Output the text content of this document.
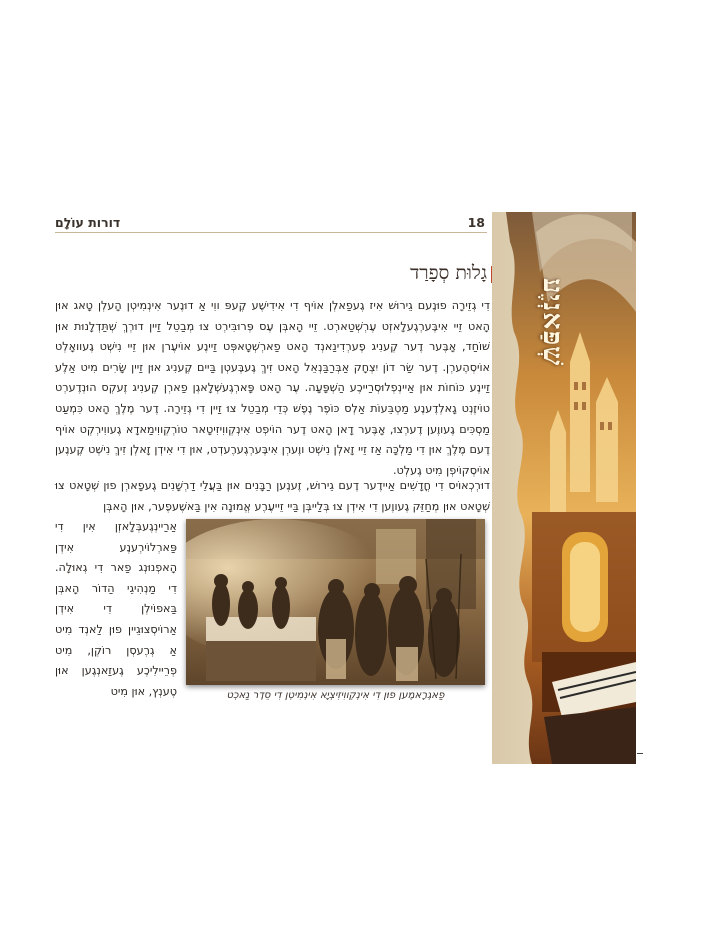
דורות עוֹלָם	18
גָלוּת סְפָרַד
דִי גְזֵירָה פוּנֶעם גֵירוּשׁ אִיז גֶעפַאלְן אוֹיף דִי אִידִישֶׁע קֶעפּ ווִי אַ דוּנֶער אִינְמִיטְן הָעלְן טָאג אוּן הָאט זֵיי אִיבֶּערְגֶעלָאזְט עֶרְשְׁטַארְט. זֵיי הָאבְּן עֶס פְּרוּבִּירְט צוּ מְבַטֵל זַיין דוּרְךְ שְׁתַּדְלָנוּת אוּן שׁוֹחַד, אָבֶּער דֶער קֶענִיג פֶערְדִינַאנְד הָאט פַארְשְׁטָאפְּט זַיינֶע אוֹיעֶרן אוּן זֵיי נִישְׁט גֶעוואָלְט אוֹיסְהֶערְן. דֶער שַׂר דוֹן יִצְחָק אַבְּרַבַּנְאֵל הָאט זִיךְ גֶעבֶּעטְן בַּיים קֶענִיג אוּן זַיין שָׂרִים מִיט אַלֶע זַיינֶע כּוֹחוֹת אוּן אַיינְפְלוּסְרַייכֶע הַשְׁפָּעָה. עֶר הָאט פָּארְגֶעשְׁלָאגְן פַארְן קֶענִיג זֶעקְס הוּנְדֶערְט טוֹיזֶנְט גָאלְדֶענֶע מַטְבֵּעוֹת אַלְס כּוֹפֶר נֶפֶשׁ כְּדֵי מְבַטֵל צוּ זַיין דִי גְזֵירָה. דֶער מֶלֶךְ הָאט כִּמְעַט מַסְכִּים גֶעווֶען דֶערְצוּ, אָבֶּער דָאן הָאט דֶער הוֹיפְט אִינְקְווִיזִיטָאר טוֹרְקְווִימַאדָא גֶעווִירְקְט אוֹיף דֶעם מֶלֶךְ אוּן דִי מַלְכָּה אַז זֵיי זָאלְן נִישְׁט ווֶערְן אִיבֶּערְגֶערֶעדְט, אוּן דִי אִידְן זָאלְן זִיךְ נִישְׁט קֶענֶען אוֹיסְקוֹיפְן מִיט גֶעלְט.
דוּרְכְאוֹיס דִי חֳדָשִׁים אַיידֶער דֶעם גֵירוּשׁ, זֶענֶען רַבָּנִים אוּן בַּעֲלֵי דַרְשָׁנִים גֶעפָארְן פוּן שְׁטָאט צוּ שְׁטָאט אוּן מְחַזֵּק גֶעווֶען דִי אִידְן צוּ בְּלַייבְּן בַּיי זֵייעֶרֶע אֱמוּנָה אִין בַּאשֶׁעפֶער, אוּן הָאבְּן
אַרַיינְגֶעבְּלָאזְן אִין דִי פַּארְלוֹירְענֶע אִידְן הָאפְנוּנְג פַאר דִי גְאוּלָה. דִי מַנְהִיגֵי הַדוֹר הָאבְּן בַּאפוֹילְן דִי אִידְן אַרוֹיסְצוּגֵיין פוּן לַאנְד מִיט אַ גְרֶעסְן רוֹקְן, מִיט פְרֵיילִיכֶע גֶעזַאנְגֶען אוּן טֶענְץ, אוּן מִיט	פַאגְרָאמֶען פוּן דִי אִינְקְווִיזִיצְיָא אִינְמִיטְן דִי סֵדֶר נַאכְט
שְׁפַּאנְיֶע
